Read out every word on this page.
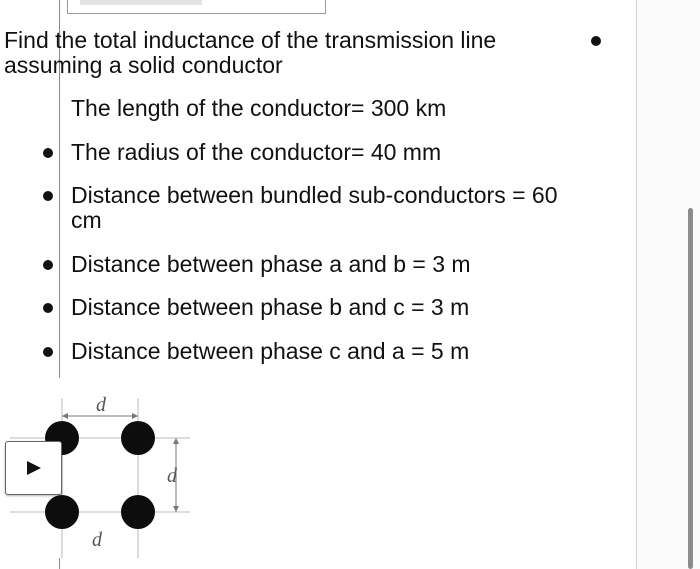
Find the total inductance of the transmission line
assuming a solid conductor
The length of the conductor= 300 km
The radius of the conductor= 40 mm
Distance between bundled sub-conductors = 60
cm
Distance between phase a and b = 3 m
Distance between phase b and c = 3 m
Distance between phase c and a = 5 m
d
d
d
